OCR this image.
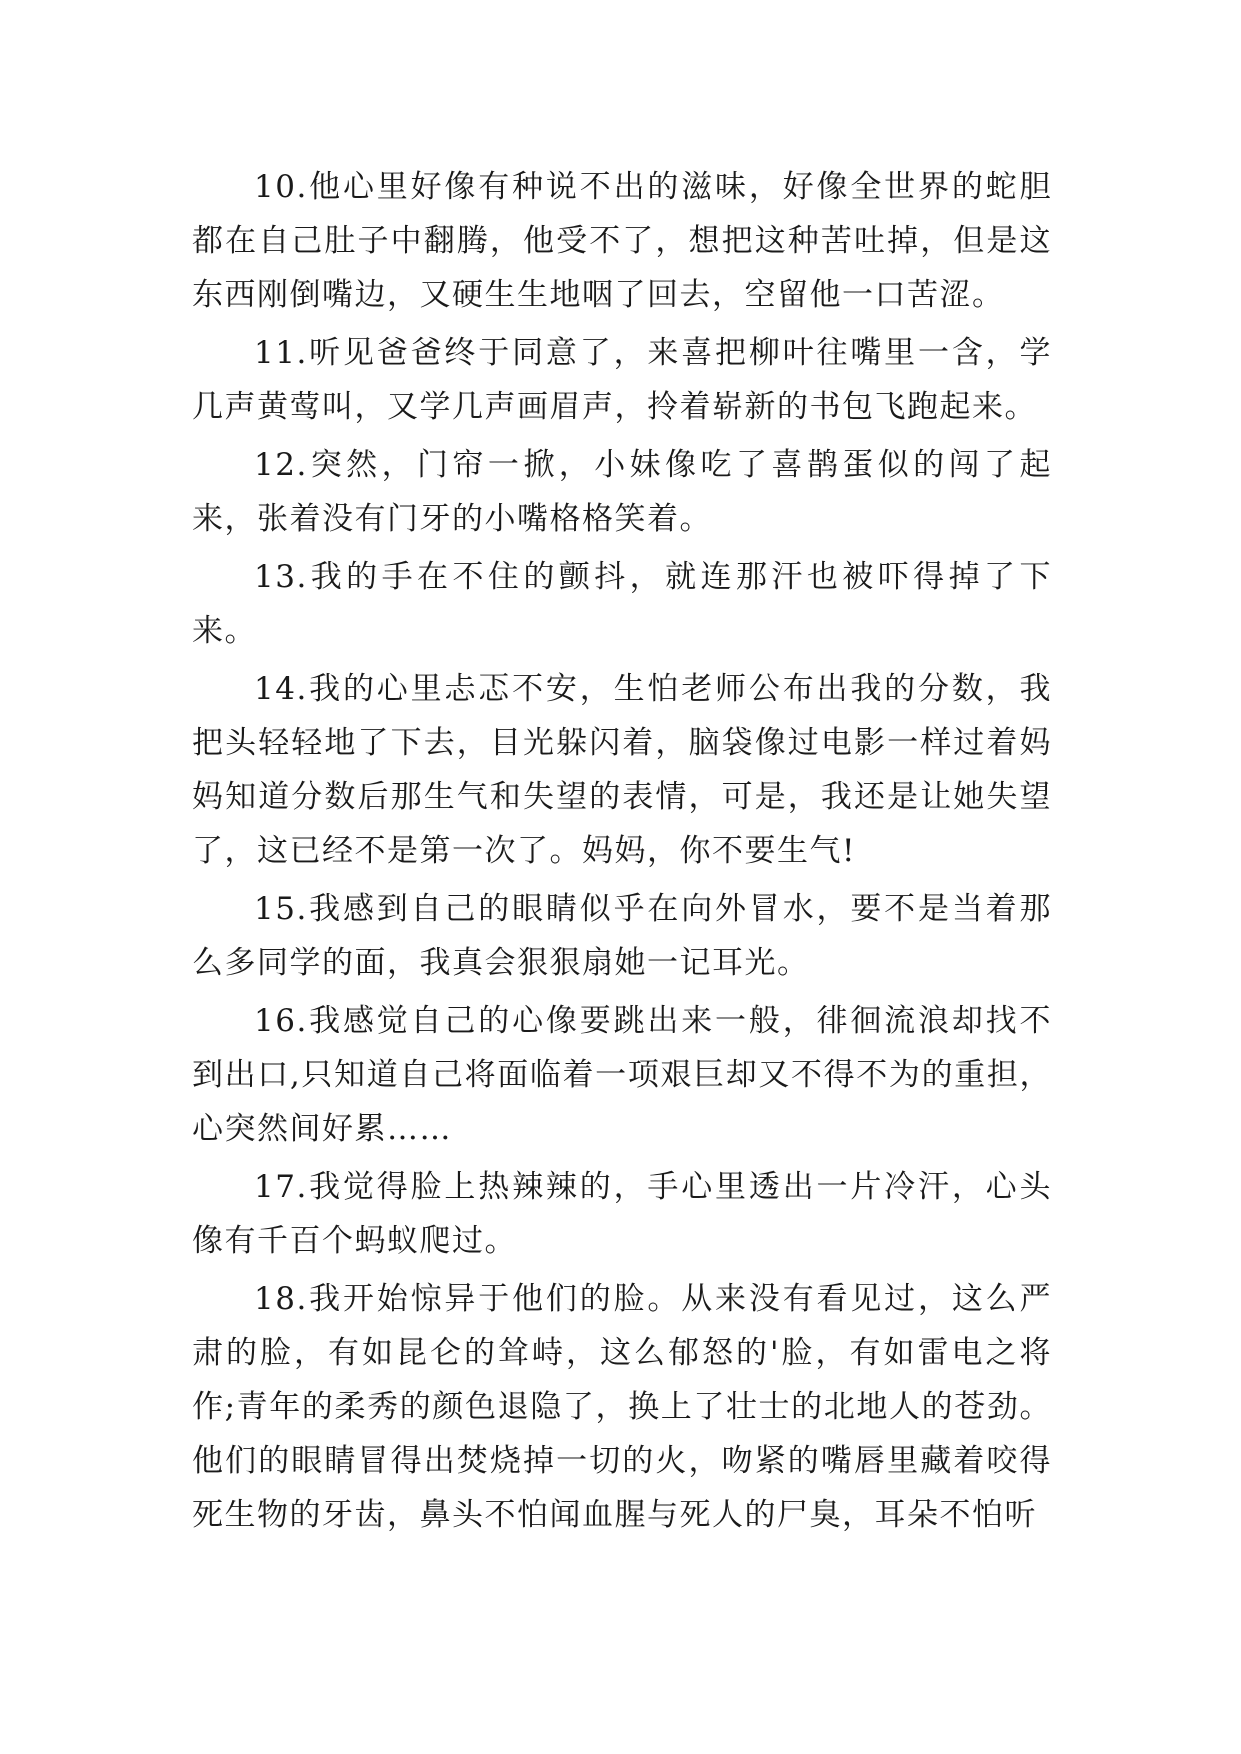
10.他心里好像有种说不出的滋味，好像全世界的蛇胆都在自己肚子中翻腾，他受不了，想把这种苦吐掉，但是这东西刚倒嘴边，又硬生生地咽了回去，空留他一口苦涩。

11.听见爸爸终于同意了，来喜把柳叶往嘴里一含，学几声黄莺叫，又学几声画眉声，拎着崭新的书包飞跑起来。

12.突然，门帘一掀，小妹像吃了喜鹊蛋似的闯了起来，张着没有门牙的小嘴格格笑着。

13.我的手在不住的颤抖，就连那汗也被吓得掉了下来。

14.我的心里忐忑不安，生怕老师公布出我的分数，我把头轻轻地了下去，目光躲闪着，脑袋像过电影一样过着妈妈知道分数后那生气和失望的表情，可是，我还是让她失望了，这已经不是第一次了。妈妈，你不要生气!

15.我感到自己的眼睛似乎在向外冒水，要不是当着那么多同学的面，我真会狠狠扇她一记耳光。

16.我感觉自己的心像要跳出来一般，徘徊流浪却找不到出口,只知道自己将面临着一项艰巨却又不得不为的重担，心突然间好累……

17.我觉得脸上热辣辣的，手心里透出一片冷汗，心头像有千百个蚂蚁爬过。

18.我开始惊异于他们的脸。从来没有看见过，这么严肃的脸，有如昆仑的耸峙，这么郁怒的'脸，有如雷电之将作;青年的柔秀的颜色退隐了，换上了壮士的北地人的苍劲。他们的眼睛冒得出焚烧掉一切的火，吻紧的嘴唇里藏着咬得死生物的牙齿，鼻头不怕闻血腥与死人的尸臭，耳朵不怕听
